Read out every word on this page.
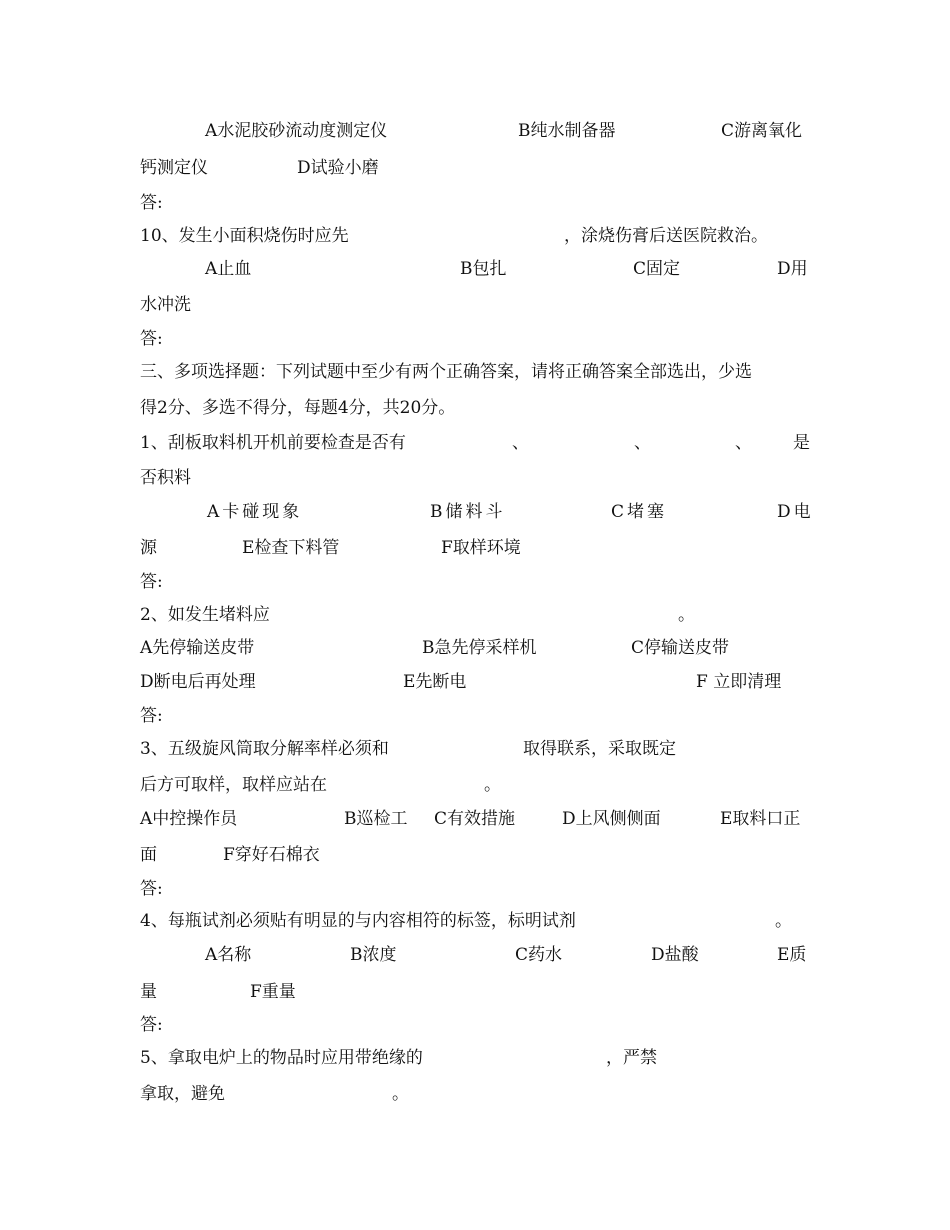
A水泥胶砂流动度测定仪	B纯水制备器	C游离氧化
钙测定仪	D试验小磨
答:
10、发生小面积烧伤时应先	，涂烧伤膏后送医院救治。
A止血	B包扎	C固定	D用
水冲洗
答:
三、多项选择题：下列试题中至少有两个正确答案，请将正确答案全部选出，少选
得2分、多选不得分，每题4分，共20分。
1、刮板取料机开机前要检查是否有	、	、	、 是
否积料
A卡碰现象	B储料斗	C堵塞	D电
源	E检查下料管	F取样环境
答:
2、如发生堵料应	。
A先停输送皮带	B急先停采样机	C停输送皮带
D断电后再处理	E先断电	F 立即清理
答:
3、五级旋风筒取分解率样必须和	取得联系，采取既定
后方可取样，取样应站在	。
A中控操作员	B巡检工 C有效措施	D上风侧侧面	E取料口正
面	F穿好石棉衣
答:
4、每瓶试剂必须贴有明显的与内容相符的标签，标明试剂	。
A名称	B浓度	C药水	D盐酸	E质
量	F重量
答:
5、拿取电炉上的物品时应用带绝缘的	，严禁
拿取，避免	。
